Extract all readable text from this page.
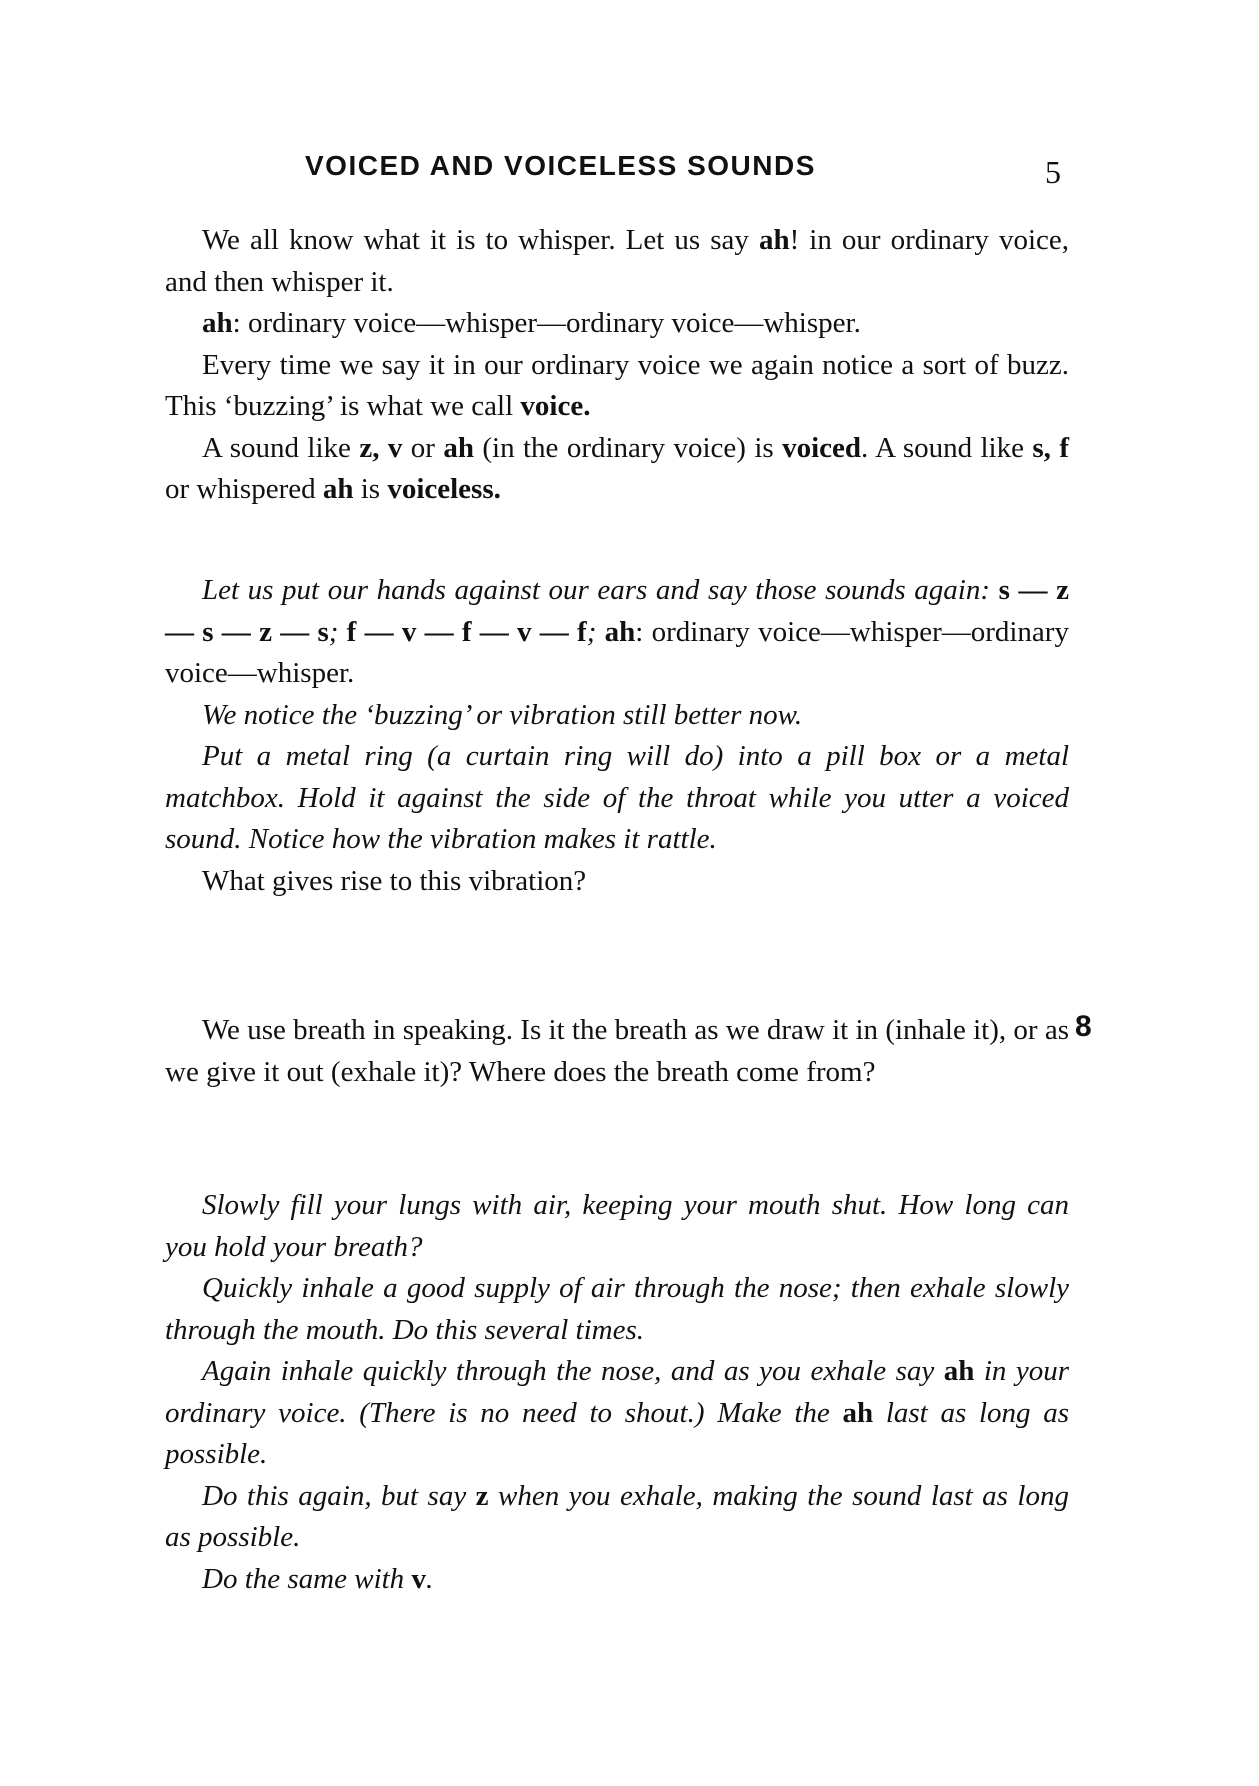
VOICED AND VOICELESS SOUNDS	5
8

We all know what it is to whisper. Let us say ah! in our ordinary voice, and then whisper it.

ah: ordinary voice—whisper—ordinary voice—whisper.

Every time we say it in our ordinary voice we again notice a sort of buzz. This ‘buzzing’ is what we call voice.

A sound like z, v or ah (in the ordinary voice) is voiced. A sound like s, f or whispered ah is voiceless.

Let us put our hands against our ears and say those sounds again: s — z — s — z — s; f — v — f — v — f; ah: ordinary voice—whisper—ordinary voice—whisper.

We notice the ‘buzzing’ or vibration still better now.

Put a metal ring (a curtain ring will do) into a pill box or a metal matchbox. Hold it against the side of the throat while you utter a voiced sound. Notice how the vibration makes it rattle.

What gives rise to this vibration?

We use breath in speaking. Is it the breath as we draw it in (inhale it), or as we give it out (exhale it)? Where does the breath come from?

Slowly fill your lungs with air, keeping your mouth shut. How long can you hold your breath?

Quickly inhale a good supply of air through the nose; then exhale slowly through the mouth. Do this several times.

Again inhale quickly through the nose, and as you exhale say ah in your ordinary voice. (There is no need to shout.) Make the ah last as long as possible.

Do this again, but say z when you exhale, making the sound last as long as possible.

Do the same with v.
